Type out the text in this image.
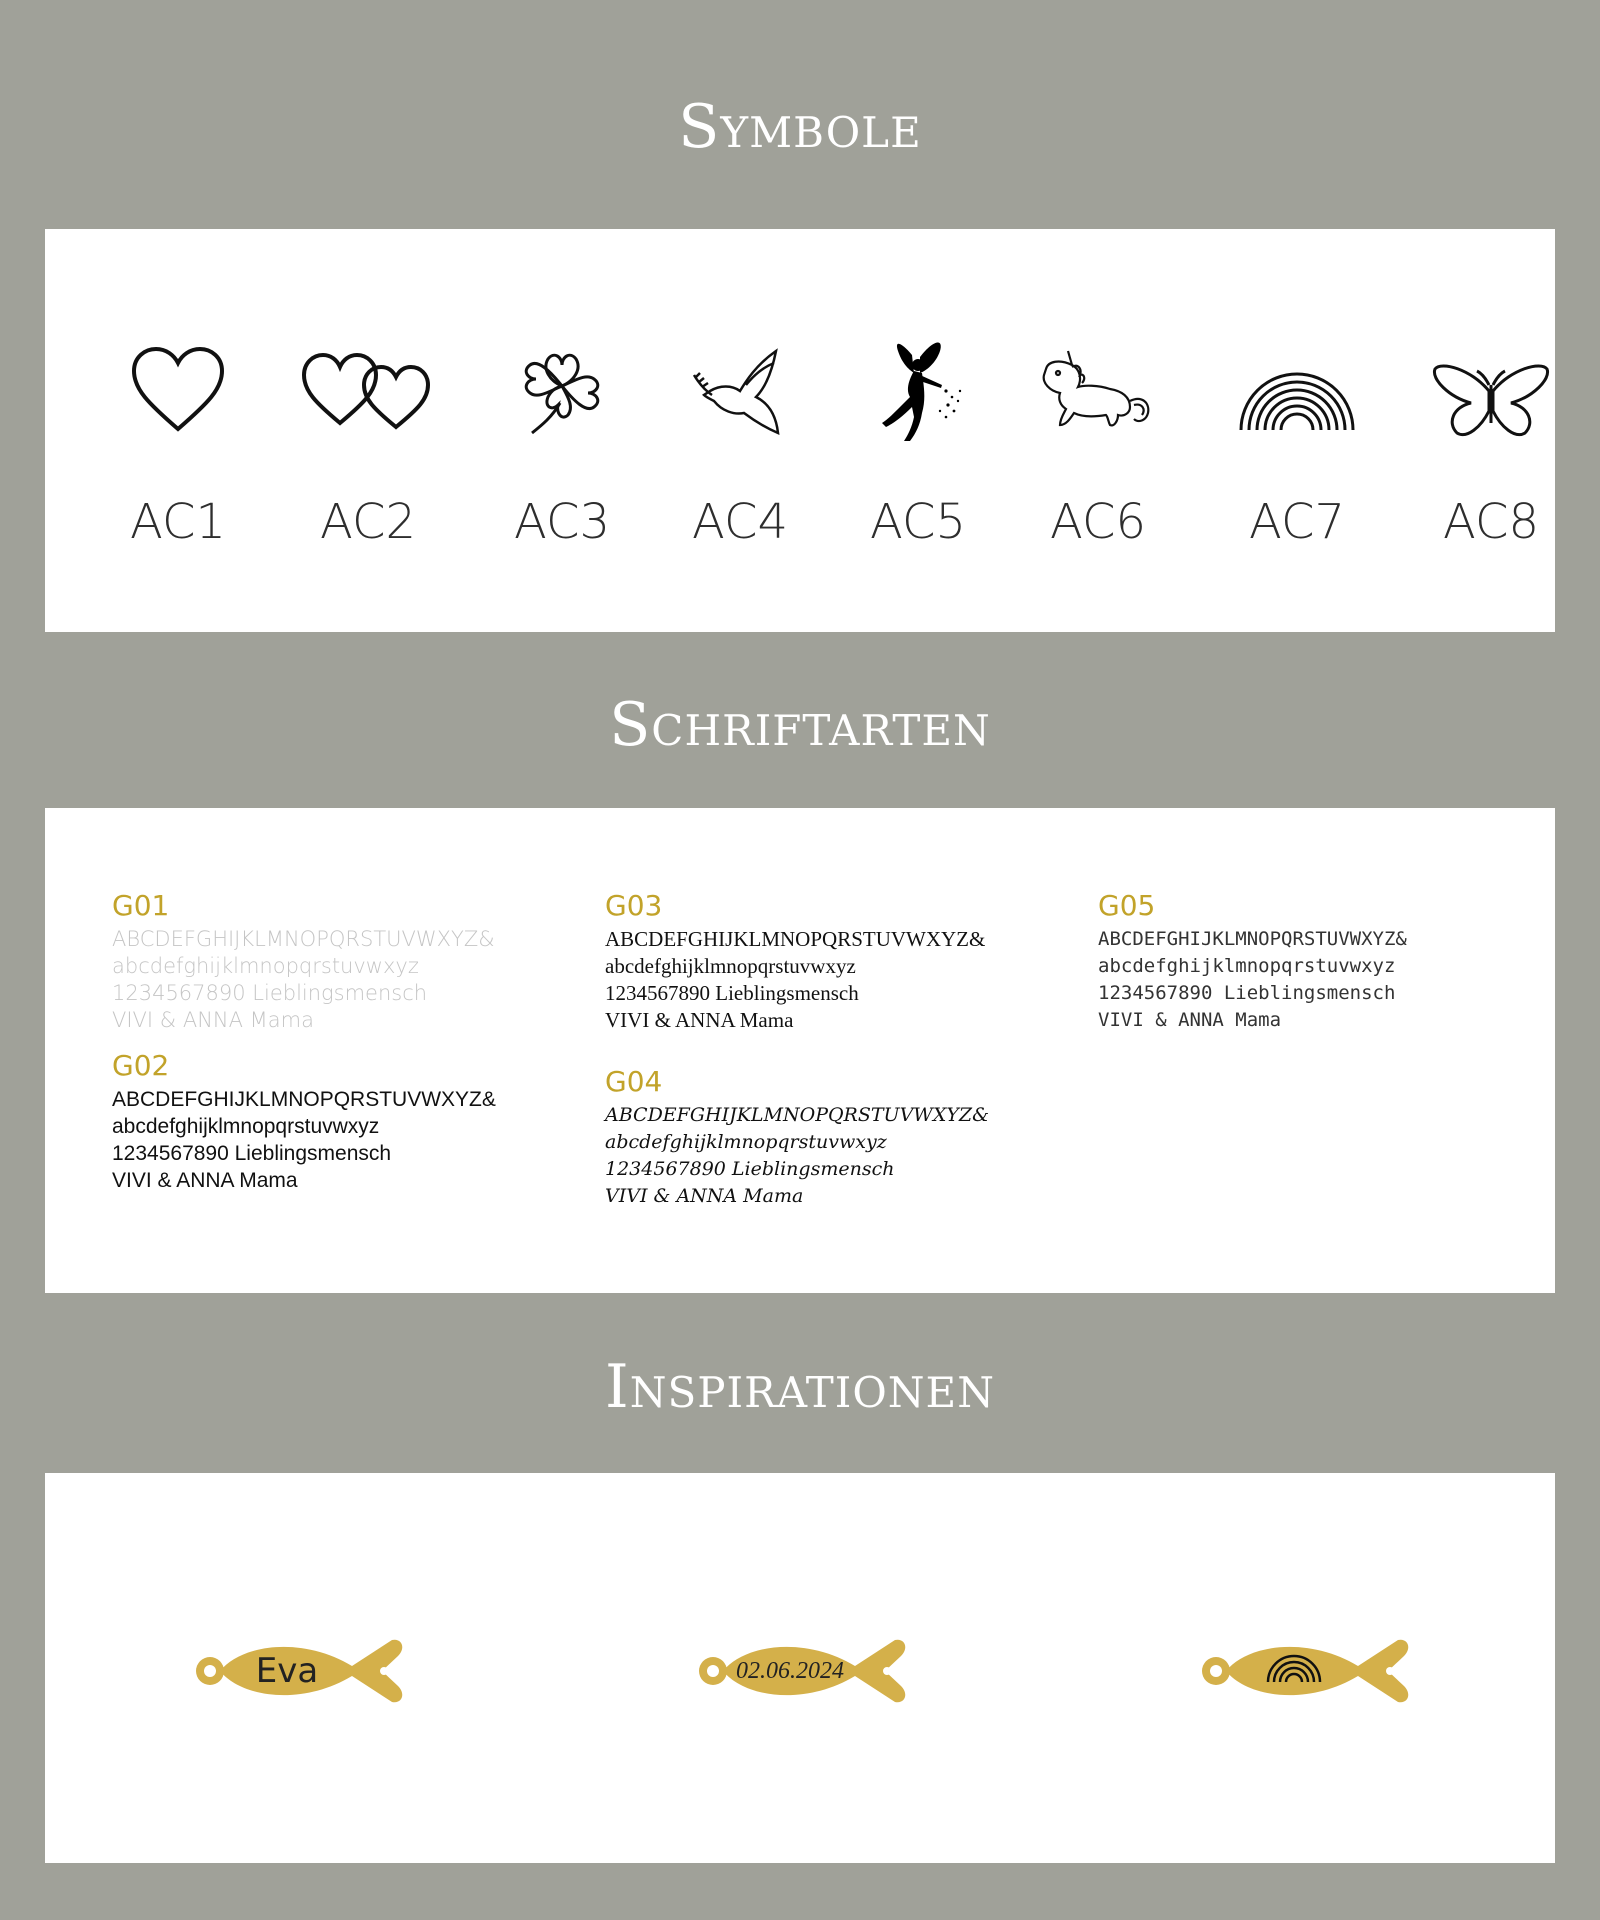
Symbole
AC1	AC2	AC3	AC4	AC5	AC6	AC7	AC8
Schriftarten
G01
ABCDEFGHIJKLMNOPQRSTUVWXYZ&
abcdefghijklmnopqrstuvwxyz
1234567890 Lieblingsmensch
VIVI & ANNA Mama
G02
ABCDEFGHIJKLMNOPQRSTUVWXYZ&
abcdefghijklmnopqrstuvwxyz
1234567890 Lieblingsmensch
VIVI & ANNA Mama
G03
ABCDEFGHIJKLMNOPQRSTUVWXYZ&
abcdefghijklmnopqrstuvwxyz
1234567890 Lieblingsmensch
VIVI & ANNA Mama
G04
ABCDEFGHIJKLMNOPQRSTUVWXYZ&
abcdefghijklmnopqrstuvwxyz
1234567890 Lieblingsmensch
VIVI & ANNA Mama
G05
ABCDEFGHIJKLMNOPQRSTUVWXYZ&
abcdefghijklmnopqrstuvwxyz
1234567890 Lieblingsmensch
VIVI & ANNA Mama
Inspirationen
Eva	02.06.2024
